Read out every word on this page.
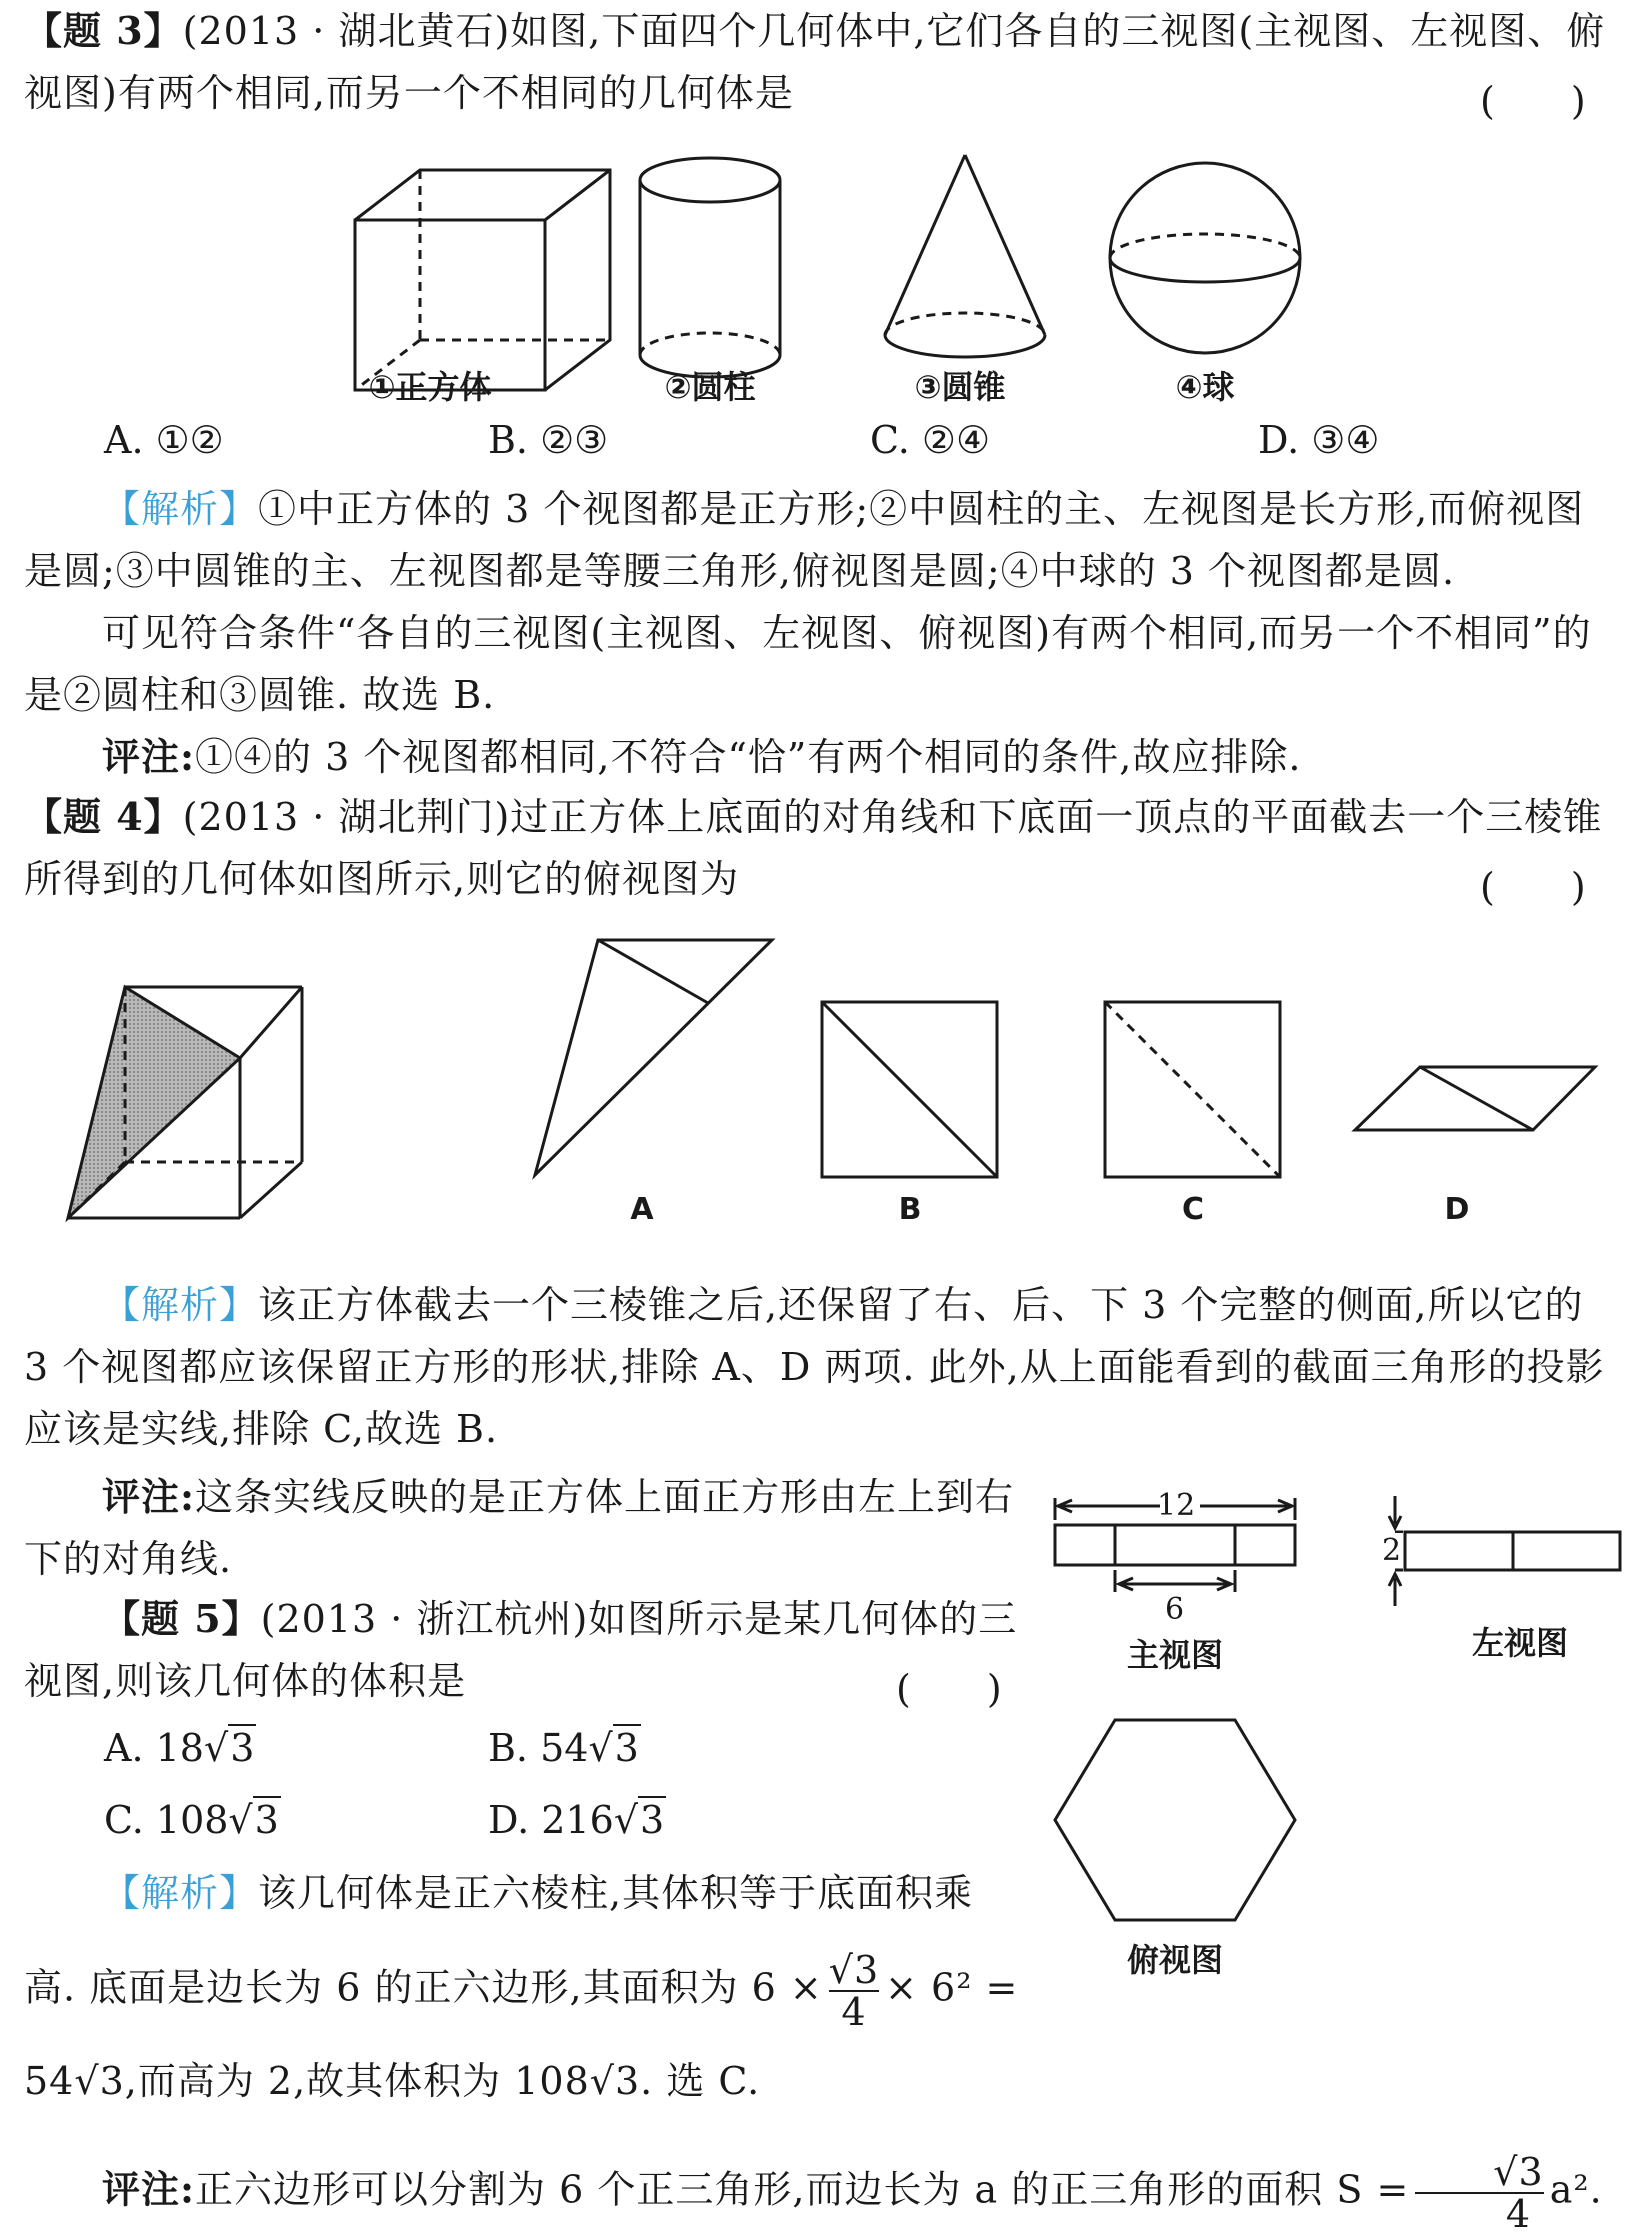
【题 3】(2013 · 湖北黄石)如图,下面四个几何体中,它们各自的三视图(主视图、左视图、俯视图)有两个相同,而另一个不相同的几何体是	(　　)
①正方体	②圆柱	③圆锥	④球
A. ①②	B. ②③	C. ②④	D. ③④
【解析】①中正方体的 3 个视图都是正方形;②中圆柱的主、左视图是长方形,而俯视图是圆;③中圆锥的主、左视图都是等腰三角形,俯视图是圆;④中球的 3 个视图都是圆.
可见符合条件“各自的三视图(主视图、左视图、俯视图)有两个相同,而另一个不相同”的是②圆柱和③圆锥. 故选 B.
评注:①④的 3 个视图都相同,不符合“恰”有两个相同的条件,故应排除.
【题 4】(2013 · 湖北荆门)过正方体上底面的对角线和下底面一顶点的平面截去一个三棱锥所得到的几何体如图所示,则它的俯视图为	(　　)
A	B	C	D
【解析】该正方体截去一个三棱锥之后,还保留了右、后、下 3 个完整的侧面,所以它的 3 个视图都应该保留正方形的形状,排除 A、D 两项. 此外,从上面能看到的截面三角形的投影应该是实线,排除 C,故选 B.
评注:这条实线反映的是正方体上面正方形由左上到右下的对角线.
【题 5】(2013 · 浙江杭州)如图所示是某几何体的三视图,则该几何体的体积是	(　　)
A. 18√3	B. 54√3
C. 108√3	D. 216√3
12
6
2
主视图	左视图
俯视图
【解析】该几何体是正六棱柱,其体积等于底面积乘
高. 底面是边长为 6 的正六边形,其面积为 $6 \times \frac{√3}{4} \times 6^2$ =
54√3,而高为 2,故其体积为 108√3. 选 C.
评注:正六边形可以分割为 6 个正三角形,而边长为 a 的正三角形的面积 $S = \frac{√3}{4} a^2$.
